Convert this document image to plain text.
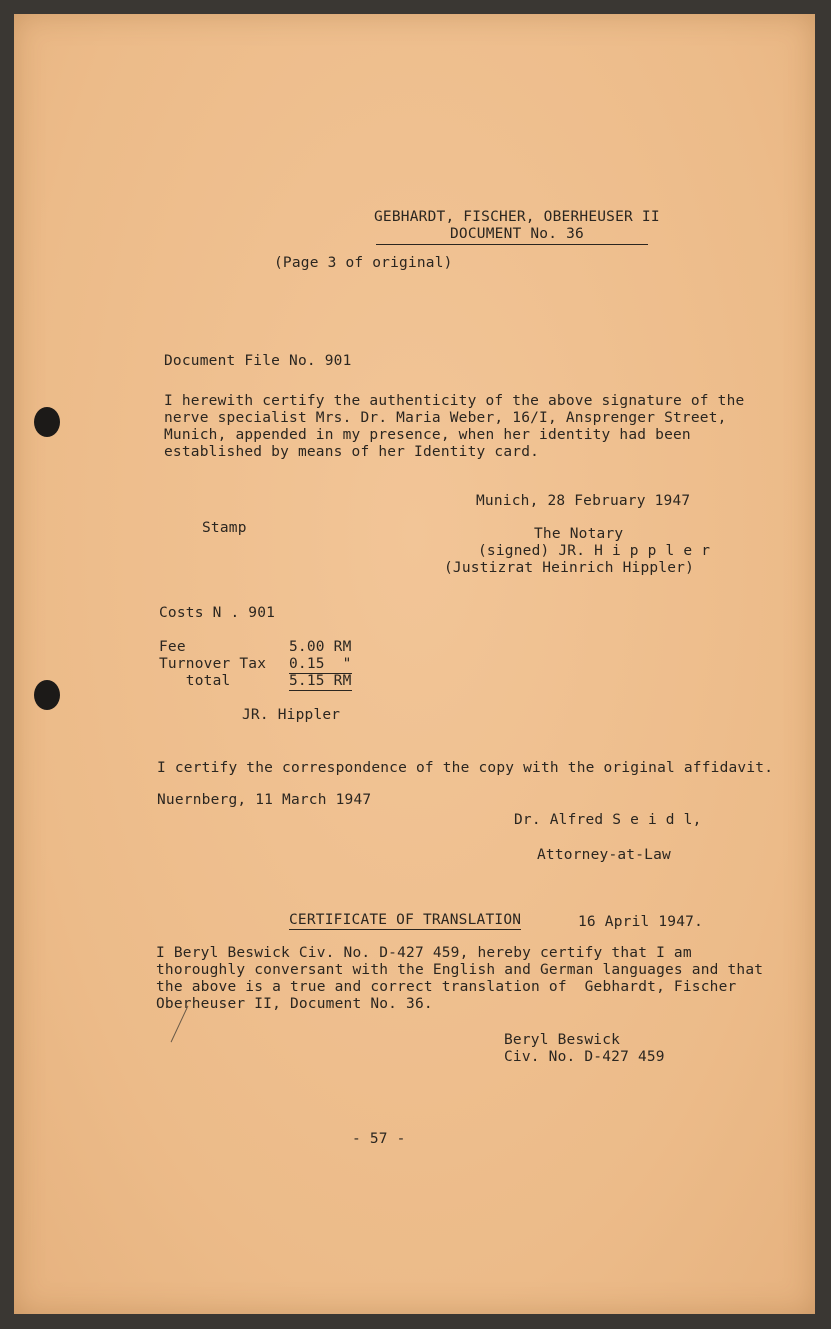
GEBHARDT, FISCHER, OBERHEUSER II
DOCUMENT No. 36
(Page 3 of original)
Document File No. 901
I herewith certify the authenticity of the above signature of the
nerve specialist Mrs. Dr. Maria Weber, 16/I, Ansprenger Street,
Munich, appended in my presence, when her identity had been
established by means of her Identity card.
Munich, 28 February 1947
Stamp	The Notary
(signed) JR. H i p p l e r
(Justizrat Heinrich Hippler)
Costs N . 901
Fee	5.00 RM
Turnover Tax 0.15  "
total	5.15 RM
JR. Hippler
I certify the correspondence of the copy with the original affidavit.
Nuernberg, 11 March 1947
Dr. Alfred S e i d l,
Attorney-at-Law
CERTIFICATE OF TRANSLATION	16 April 1947.
I Beryl Beswick Civ. No. D-427 459, hereby certify that I am
thoroughly conversant with the English and German languages and that
the above is a true and correct translation of  Gebhardt, Fischer
Oberheuser II, Document No. 36.
Beryl Beswick
Civ. No. D-427 459
- 57 -
